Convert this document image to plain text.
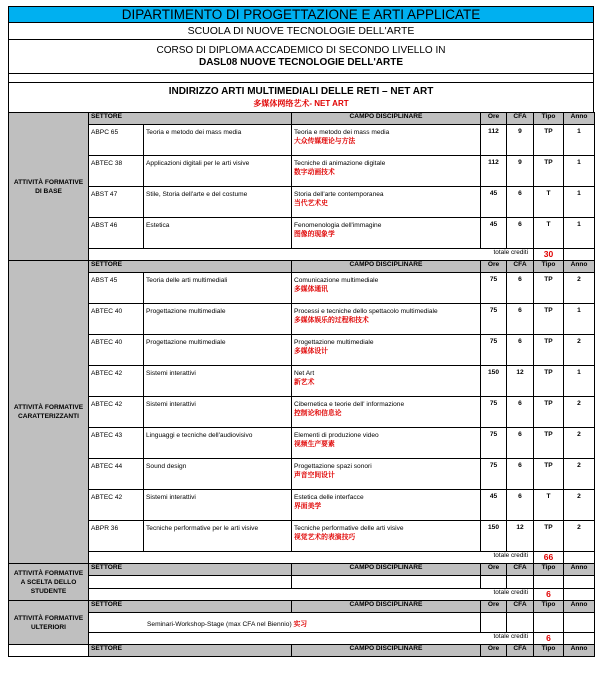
DIPARTIMENTO DI PROGETTAZIONE E ARTI APPLICATE
SCUOLA DI NUOVE TECNOLOGIE DELL'ARTE
CORSO DI DIPLOMA ACCADEMICO DI SECONDO LIVELLO IN
DASL08 NUOVE TECNOLOGIE DELL'ARTE
INDIRIZZO ARTI MULTIMEDIALI DELLE RETI – NET ART
多媒体网络艺术- NET ART
ATTIVITÀ FORMATIVE DI BASE	SETTORE		CAMPO DISCIPLINARE	Ore	CFA	Tipo	Anno	
	ABPC 65	Teoria e metodo dei mass media	Teoria e metodo dei mass media
大众传媒理论与方法	112	9	TP	1	
	ABTEC 38	Applicazioni digitali per le arti visive	Tecniche di animazione digitale
数字动画技术	112	9	TP	1	
	ABST 47	Stile, Storia dell'arte e del costume	Storia dell'arte contemporanea
当代艺术史	45	6	T	1	
	ABST 46	Estetica	Fenomenologia dell'immagine
图像的现象学	45	6	T	1	
	totale crediti					30		
ATTIVITÀ FORMATIVE CARATTERIZZANTI	SETTORE		CAMPO DISCIPLINARE	Ore	CFA	Tipo	Anno	
	ABST 45	Teoria delle arti multimediali	Comunicazione multimediale
多媒体通讯	75	6	TP	2	
	ABTEC 40	Progettazione multimediale	Processi e tecniche dello spettacolo multimediale
多媒体娱乐的过程和技术	75	6	TP	1	
	ABTEC 40	Progettazione multimediale	Progettazione multimediale
多媒体设计	75	6	TP	2	
	ABTEC 42	Sistemi interattivi	Net Art
新艺术	150	12	TP	1	
	ABTEC 42	Sistemi interattivi	Cibernetica e teorie dell' informazione
控制论和信息论	75	6	TP	2	
	ABTEC 43	Linguaggi e tecniche dell'audiovisivo	Elementi di produzione video
视频生产要素	75	6	TP	2	
	ABTEC 44	Sound design	Progettazione spazi sonori
声音空间设计	75	6	TP	2	
	ABTEC 42	Sistemi interattivi	Estetica delle interfacce
界面美学	45	6	T	2	
	ABPR 36	Tecniche performative per le arti visive	Tecniche performative delle arti visive
视觉艺术的表演技巧	150	12	TP	2	
	totale crediti					66		
ATTIVITÀ FORMATIVE A SCELTA DELLO STUDENTE	SETTORE		CAMPO DISCIPLINARE	Ore	CFA	Tipo	Anno	

	totale crediti					6		
ATTIVITÀ FORMATIVE ULTERIORI	SETTORE		CAMPO DISCIPLINARE	Ore	CFA	Tipo	Anno	
	Seminari-Workshop-Stage (max CFA nel Biennio) 实习							
	totale crediti					6		
	SETTORE		CAMPO DISCIPLINARE	Ore	CFA	Tipo	Anno	
